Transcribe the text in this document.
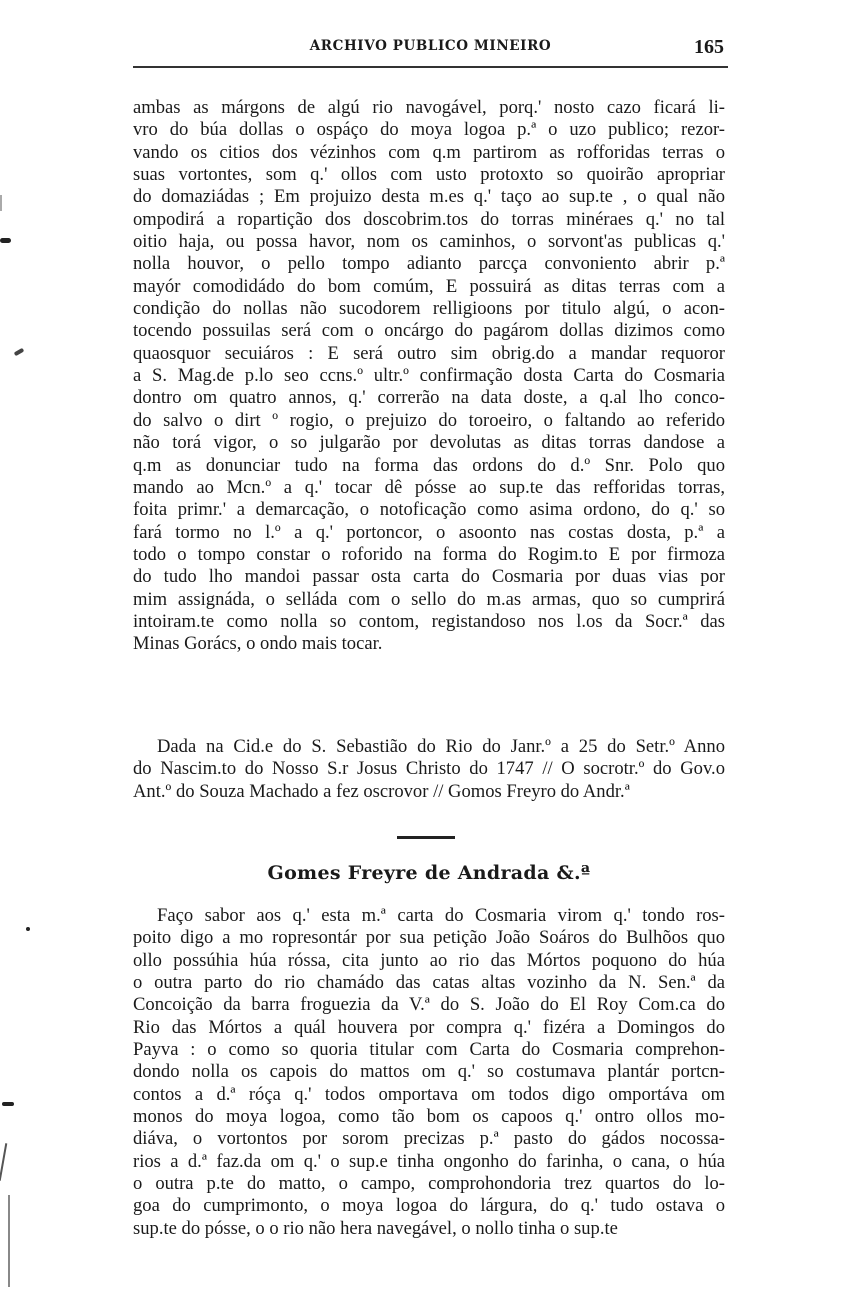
ARCHIVO PUBLICO MINEIRO	165
ambas as márgons de algú rio navogável, porq.' nosto cazo ficará li-
vro do búa dollas o ospáço do moya logoa p.ª o uzo publico; rezor-
vando os citios dos vézinhos com q.m partirom as rofforidas terras o
suas vortontes, som q.' ollos com usto protoxto so quoirão apropriar
do domaziádas ; Em projuizo desta m.es q.' taço ao sup.te , o qual não
ompodirá a ropartição dos doscobrim.tos do torras minéraes q.' no tal
oitio haja, ou possa havor, nom os caminhos, o sorvont'as publicas q.'
nolla houvor, o pello tompo adianto parcça convoniento abrir p.ª
mayór comodidádo do bom comúm, E possuirá as ditas terras com a
condição do nollas não sucodorem relligioons por titulo algú, o acon-
tocendo possuilas será com o oncárgo do pagárom dollas dizimos como
quaosquor secuiáros : E será outro sim obrig.do a mandar requoror
a S. Mag.de p.lo seo ccns.º ultr.º confirmação dosta Carta do Cosmaria
dontro om quatro annos, q.' correrão na data doste, a q.al lho conco-
do salvo o dirt º rogio, o prejuizo do toroeiro, o faltando ao referido
não torá vigor, o so julgarão por devolutas as ditas torras dandose a
q.m as donunciar tudo na forma das ordons do d.º Snr. Polo quo
mando ao Mcn.º a q.' tocar dê pósse ao sup.te das refforidas torras,
foita primr.' a demarcação, o notoficação como asima ordono, do q.' so
fará tormo no l.º a q.' portoncor, o asoonto nas costas dosta, p.ª a
todo o tompo constar o roforido na forma do Rogim.to E por firmoza
do tudo lho mandoi passar osta carta do Cosmaria por duas vias por
mim assignáda, o selláda com o sello do m.as armas, quo so cumprirá
intoiram.te como nolla so contom, registandoso nos l.os da Socr.ª das
Minas Gorács, o ondo mais tocar.
Dada na Cid.e do S. Sebastião do Rio do Janr.º a 25 do Setr.º Anno
do Nascim.to do Nosso S.r Josus Christo do 1747 // O socrotr.º do Gov.o
Ant.º do Souza Machado a fez oscrovor // Gomos Freyro do Andr.ª
Gomes Freyre de Andrada &.ª
Faço sabor aos q.' esta m.ª carta do Cosmaria virom q.' tondo ros-
poito digo a mo ropresontár por sua petição João Soáros do Bulhõos quo
ollo possúhia húa róssa, cita junto ao rio das Mórtos poquono do húa
o outra parto do rio chamádo das catas altas vozinho da N. Sen.ª da
Concoição da barra froguezia da V.ª do S. João do El Roy Com.ca do
Rio das Mórtos a quál houvera por compra q.' fizéra a Domingos do
Payva : o como so quoria titular com Carta do Cosmaria comprehon-
dondo nolla os capois do mattos om q.' so costumava plantár portcn-
contos a d.ª róça q.' todos omportava om todos digo omportáva om
monos do moya logoa, como tão bom os capoos q.' ontro ollos mo-
diáva, o vortontos por sorom precizas p.ª pasto do gádos nocossa-
rios a d.ª faz.da om q.' o sup.e tinha ongonho do farinha, o cana, o húa
o outra p.te do matto, o campo, comprohondoria trez quartos do lo-
goa do cumprimonto, o moya logoa do lárgura, do q.' tudo ostava o
sup.te do pósse, o o rio não hera navegável, o nollo tinha o sup.te
